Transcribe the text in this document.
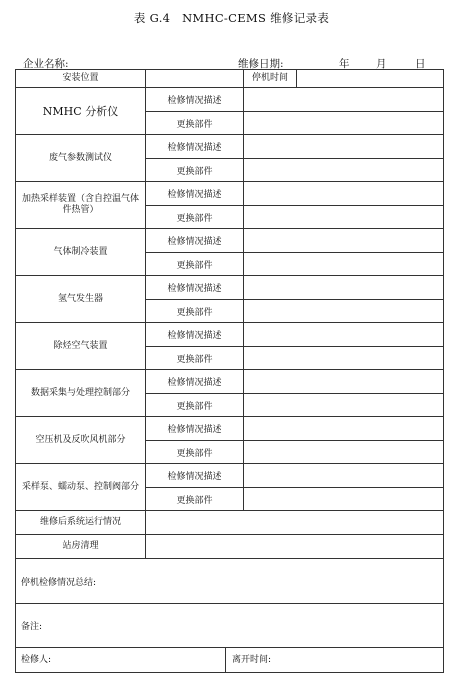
表 G.4　NMHC-CEMS 维修记录表
企业名称:	维修日期:	年	月	日
安装位置		停机时间

NMHC 分析仪	检修情况描述	
	更换部件	
废气参数测试仪	检修情况描述	
	更换部件	
加热采样装置（含自控温气体件热管）	检修情况描述	
	更换部件	
气体制冷装置	检修情况描述	
	更换部件	
氢气发生器	检修情况描述	
	更换部件	
除烃空气装置	检修情况描述	
	更换部件	
数据采集与处理控制部分	检修情况描述	
	更换部件	
空压机及反吹风机部分	检修情况描述	
	更换部件	
采样泵、蠕动泵、控制阀部分	检修情况描述	
	更换部件	
维修后系统运行情况		
站房清理		
停机检修情况总结:		
备注:		

检修人: 离开时间:		
